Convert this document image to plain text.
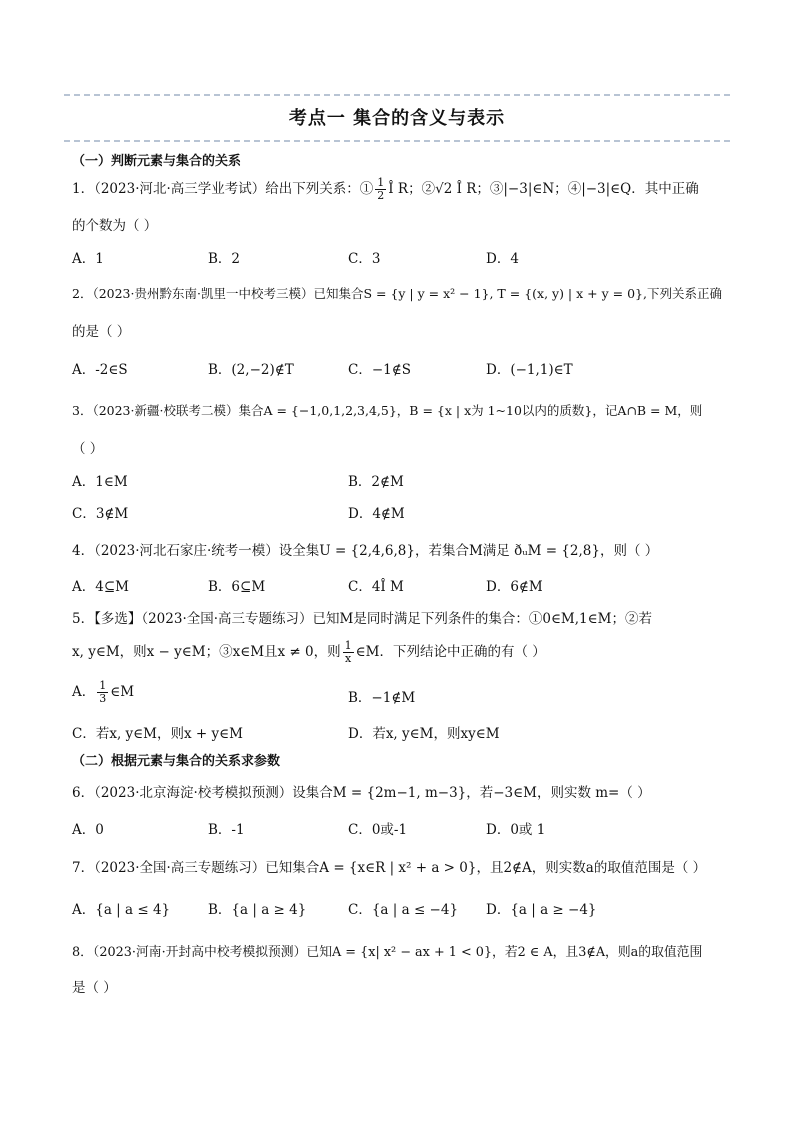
考点一 集合的含义与表示
（一）判断元素与集合的关系
1．（2023·河北·高三学业考试）给出下列关系：① $\frac{1}{2}$ Î R；②√2 Î R；③|−3|∈N；④|−3|∈Q．其中正确
的个数为（ ）
A．1	B．2	C．3	D．4
2．（2023·贵州黔东南·凯里一中校考三模）已知集合S = {y | y = x² − 1}, T = {(x, y) | x + y = 0},下列关系正确
的是（ ）
A．-2∈S	B．(2,−2)∉T	C．−1∉S	D．(−1,1)∈T
3．（2023·新疆·校联考二模）集合A = {−1,0,1,2,3,4,5}，B = {x | x为 1~10以内的质数}，记A∩B = M，则
（ ）
A．1∈M	B．2∉M
C．3∉M	D．4∉M
4．（2023·河北石家庄·统考一模）设全集U = {2,4,6,8}，若集合M满足 ðᵤM = {2,8}，则（ ）
A．4⊆M	B．6⊆M	C．4Î M	D．6∉M
5．【多选】（2023·全国·高三专题练习）已知M是同时满足下列条件的集合：①0∈M,1∈M；②若
x, y∈M，则x − y∈M；③x∈M且x ≠ 0，则 $\frac{1}{x}$ ∈M．下列结论中正确的有（ ）
A． $\frac{1}{3}$ ∈M	B．−1∉M
C．若x, y∈M，则x + y∈M	D．若x, y∈M，则xy∈M
（二）根据元素与集合的关系求参数
6．（2023·北京海淀·校考模拟预测）设集合M = {2m−1, m−3}，若−3∈M，则实数 m=（ ）
A．0	B．-1	C．0或-1	D．0或 1
7．（2023·全国·高三专题练习）已知集合A = {x∈R | x² + a > 0}，且2∉A，则实数a的取值范围是（ ）
A．{a | a ≤ 4}	B．{a | a ≥ 4}	C．{a | a ≤ −4} D．{a | a ≥ −4}
8．（2023·河南·开封高中校考模拟预测）已知A = {x| x² − ax + 1 < 0}，若2 ∈ A，且3∉A，则a的取值范围
是（ ）
